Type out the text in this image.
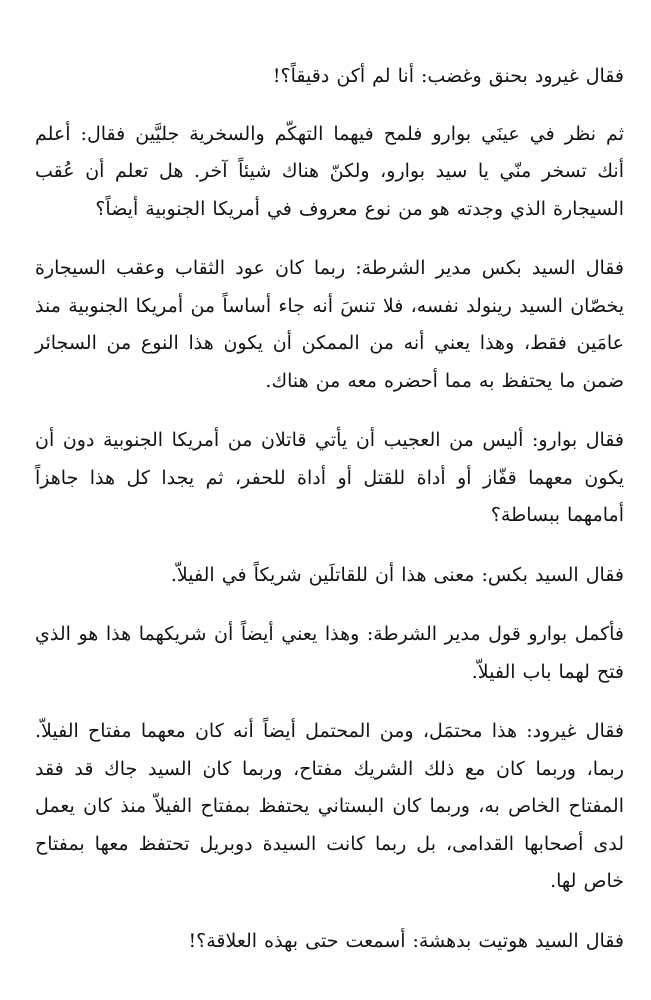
فقال غيرود بحنق وغضب: أنا لم أكن دقيقاً؟!

ثم نظر في عينَي بوارو فلمح فيهما التهكّم والسخرية جليَّين فقال: أعلم أنك تسخر منّي يا سيد بوارو، ولكنّ هناك شيئاً آخر. هل تعلم أن عُقب السيجارة الذي وجدته هو من نوع معروف في أمريكا الجنوبية أيضاً؟

فقال السيد بكس مدير الشرطة: ربما كان عود الثقاب وعقب السيجارة يخصّان السيد رينولد نفسه، فلا تنسَ أنه جاء أساساً من أمريكا الجنوبية منذ عامَين فقط، وهذا يعني أنه من الممكن أن يكون هذا النوع من السجائر ضمن ما يحتفظ به مما أحضره معه من هناك.

فقال بوارو: أليس من العجيب أن يأتي قاتلان من أمريكا الجنوبية دون أن يكون معهما قفّاز أو أداة للقتل أو أداة للحفر، ثم يجدا كل هذا جاهزاً أمامهما ببساطة؟

فقال السيد بكس: معنى هذا أن للقاتلَين شريكاً في الفيلاّ.

فأكمل بوارو قول مدير الشرطة: وهذا يعني أيضاً أن شريكهما هذا هو الذي فتح لهما باب الفيلاّ.

فقال غيرود: هذا محتمَل، ومن المحتمل أيضاً أنه كان معهما مفتاح الفيلاّ. ربما، وربما كان مع ذلك الشريك مفتاح، وربما كان السيد جاك قد فقد المفتاح الخاص به، وربما كان البستاني يحتفظ بمفتاح الفيلاّ منذ كان يعمل لدى أصحابها القدامى، بل ربما كانت السيدة دوبريل تحتفظ معها بمفتاح خاص لها.

فقال السيد هوتيت بدهشة: أسمعت حتى بهذه العلاقة؟!
